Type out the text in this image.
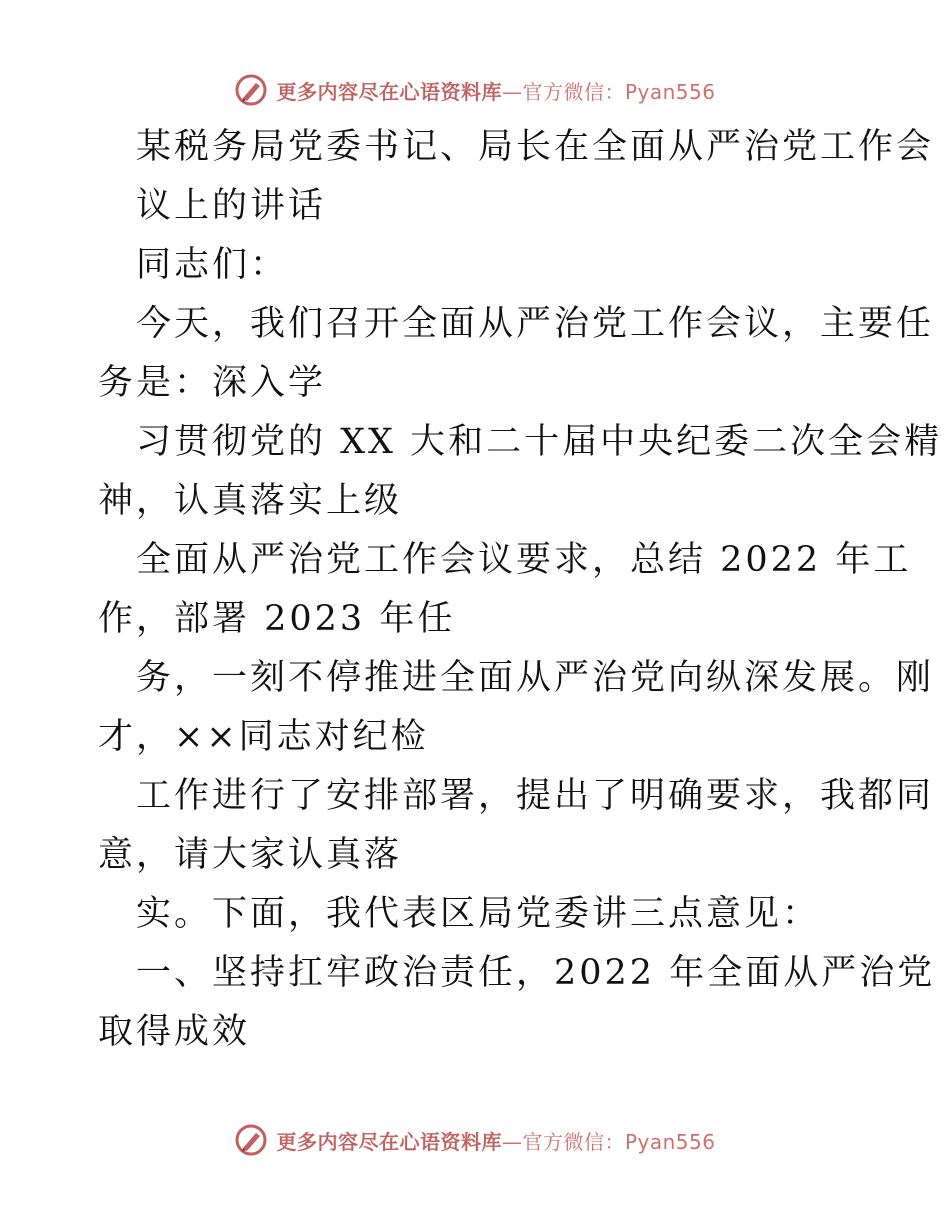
更多内容尽在心语资料库—官方微信：Pyan556
某税务局党委书记、局长在全面从严治党工作会
议上的讲话
同志们：
今天，我们召开全面从严治党工作会议，主要任
务是：深入学
习贯彻党的 XX 大和二十届中央纪委二次全会精
神，认真落实上级
全面从严治党工作会议要求，总结 2022 年工
作，部署 2023 年任
务，一刻不停推进全面从严治党向纵深发展。刚
才，××同志对纪检
工作进行了安排部署，提出了明确要求，我都同
意，请大家认真落
实。下面，我代表区局党委讲三点意见：
一、坚持扛牢政治责任，2022 年全面从严治党
取得成效
更多内容尽在心语资料库—官方微信：Pyan556
